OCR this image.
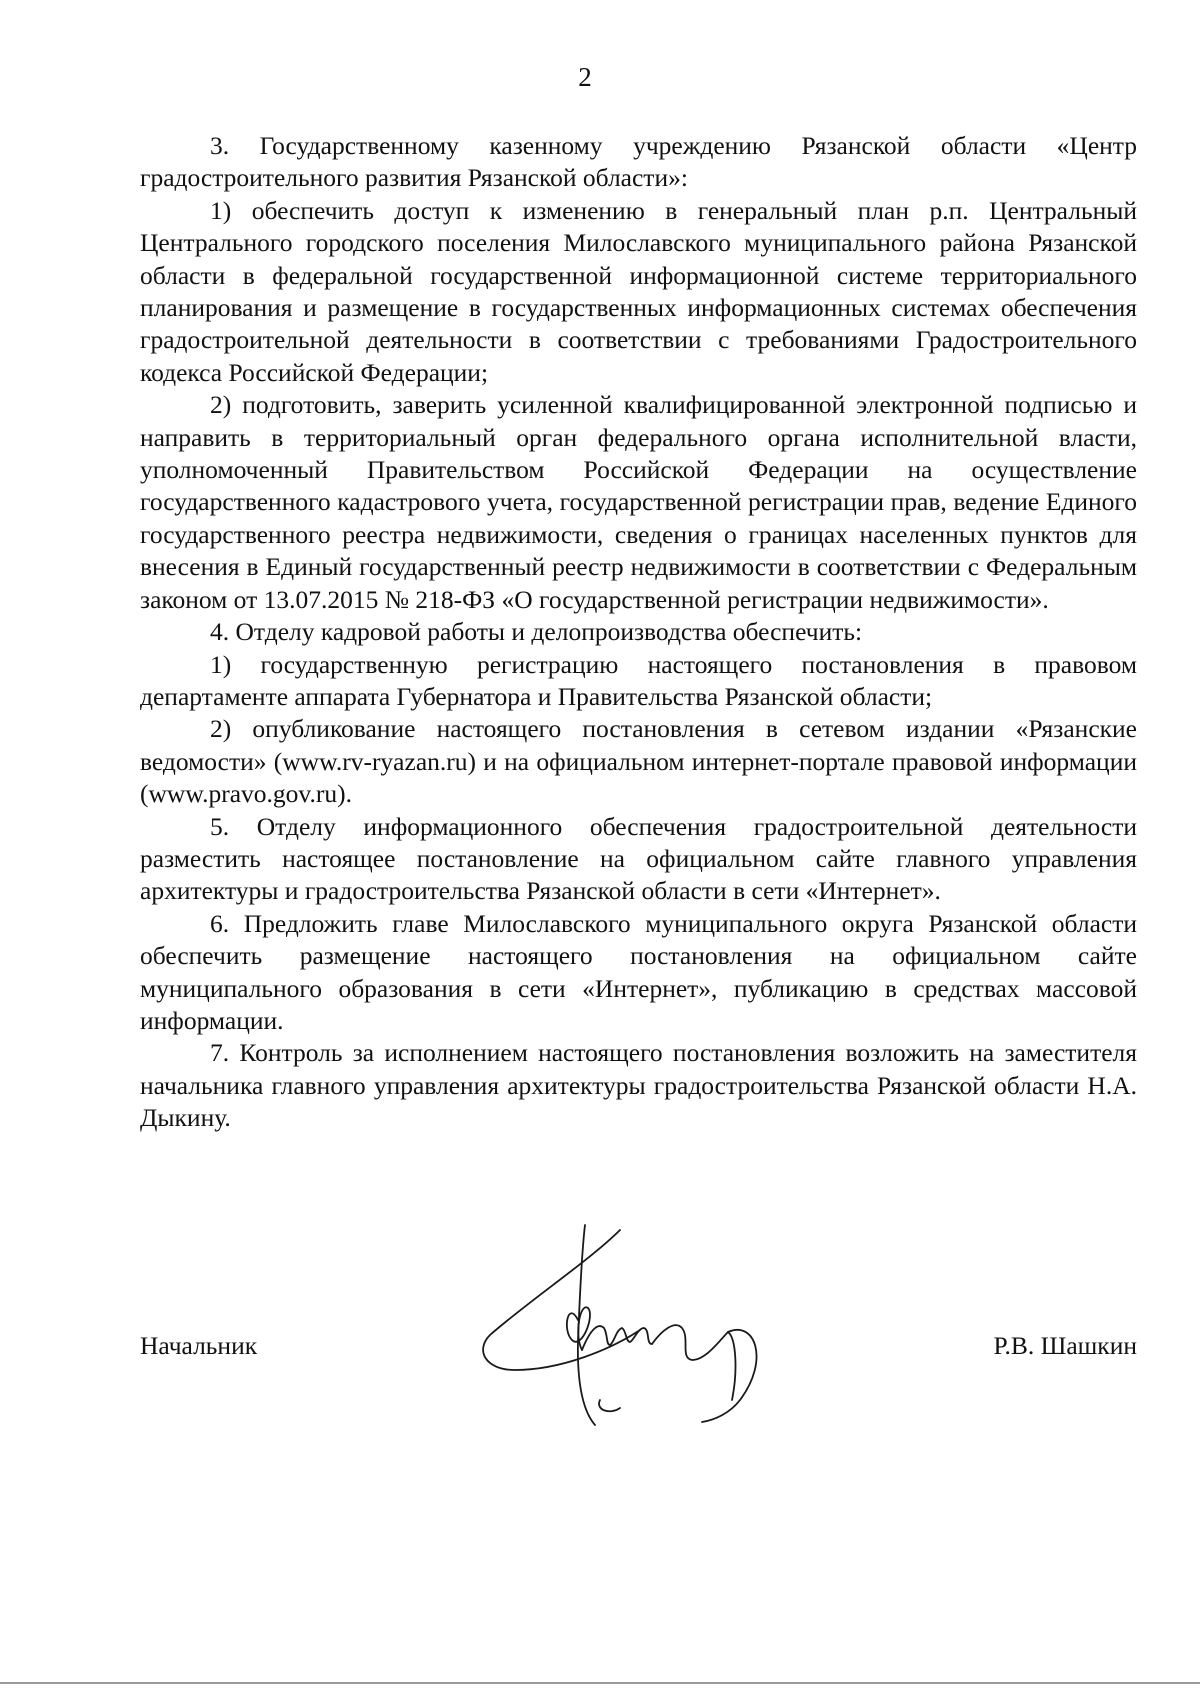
2

3. Государственному казенному учреждению Рязанской области «Центр градостроительного развития Рязанской области»:

1) обеспечить доступ к изменению в генеральный план р.п. Центральный Центрального городского поселения Милославского муниципального района Рязанской области в федеральной государственной информационной системе территориального планирования и размещение в государственных информационных системах обеспечения градостроительной деятельности в соответствии с требованиями Градостроительного кодекса Российской Федерации;

2) подготовить, заверить усиленной квалифицированной электронной подписью и направить в территориальный орган федерального органа исполнительной власти, уполномоченный Правительством Российской Федерации на осуществление государственного кадастрового учета, государственной регистрации прав, ведение Единого государственного реестра недвижимости, сведения о границах населенных пунктов для внесения в Единый государственный реестр недвижимости в соответствии с Федеральным законом от 13.07.2015 № 218-ФЗ «О государственной регистрации недвижимости».

4. Отделу кадровой работы и делопроизводства обеспечить:

1) государственную регистрацию настоящего постановления в правовом департаменте аппарата Губернатора и Правительства Рязанской области;

2) опубликование настоящего постановления в сетевом издании «Рязанские ведомости» (www.rv-ryazan.ru) и на официальном интернет-портале правовой информации (www.pravo.gov.ru).

5. Отделу информационного обеспечения градостроительной деятельности разместить настоящее постановление на официальном сайте главного управления архитектуры и градостроительства Рязанской области в сети «Интернет».

6. Предложить главе Милославского муниципального округа Рязанской области обеспечить размещение настоящего постановления на официальном сайте муниципального образования в сети «Интернет», публикацию в средствах массовой информации.

7. Контроль за исполнением настоящего постановления возложить на заместителя начальника главного управления архитектуры градостроительства Рязанской области Н.А. Дыкину.

Начальник	Р.В. Шашкин
